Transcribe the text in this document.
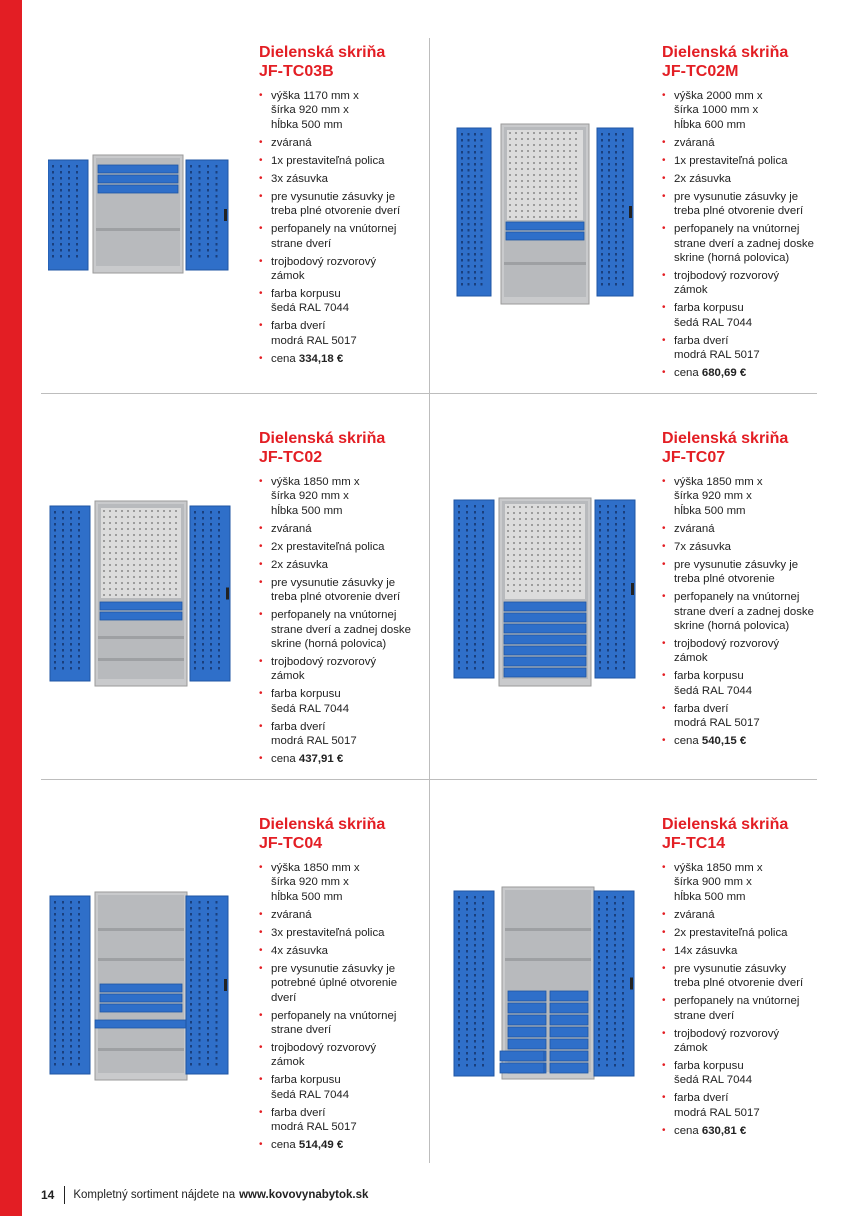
Dielenská skriňa
JF-TC03B
• výška 1170 mm x
šírka 920 mm x
hĺbka 500 mm
• zváraná
• 1x prestaviteľná polica
• 3x zásuvka
• pre vysunutie zásuvky je
treba plné otvorenie dverí
• perfopanely na vnútornej
strane dverí
• trojbodový rozvorový
zámok
• farba korpusu
šedá RAL 7044
• farba dverí
modrá RAL 5017
• cena 334,18 €
Dielenská skriňa
JF-TC02M
• výška 2000 mm x
šírka 1000 mm x
hĺbka 600 mm
• zváraná
• 1x prestaviteľná polica
• 2x zásuvka
• pre vysunutie zásuvky je
treba plné otvorenie dverí
• perfopanely na vnútornej
strane dverí a zadnej doske
skrine (horná polovica)
• trojbodový rozvorový
zámok
• farba korpusu
šedá RAL 7044
• farba dverí
modrá RAL 5017
• cena 680,69 €
Dielenská skriňa
JF-TC02
• výška 1850 mm x
šírka 920 mm x
hĺbka 500 mm
• zváraná
• 2x prestaviteľná polica
• 2x zásuvka
• pre vysunutie zásuvky je
treba plné otvorenie dverí
• perfopanely na vnútornej
strane dverí a zadnej doske
skrine (horná polovica)
• trojbodový rozvorový
zámok
• farba korpusu
šedá RAL 7044
• farba dverí
modrá RAL 5017
• cena 437,91 €
Dielenská skriňa
JF-TC07
• výška 1850 mm x
šírka 920 mm x
hĺbka 500 mm
• zváraná
• 7x zásuvka
• pre vysunutie zásuvky je
treba plné otvorenie
• perfopanely na vnútornej
strane dverí a zadnej doske
skrine (horná polovica)
• trojbodový rozvorový
zámok
• farba korpusu
šedá RAL 7044
• farba dverí
modrá RAL 5017
• cena 540,15 €
Dielenská skriňa
JF-TC04
• výška 1850 mm x
šírka 920 mm x
hĺbka 500 mm
• zváraná
• 3x prestaviteľná polica
• 4x zásuvka
• pre vysunutie zásuvky je
potrebné úplné otvorenie
dverí
• perfopanely na vnútornej
strane dverí
• trojbodový rozvorový
zámok
• farba korpusu
šedá RAL 7044
• farba dverí
modrá RAL 5017
• cena 514,49 €
Dielenská skriňa
JF-TC14
• výška 1850 mm x
šírka 900 mm x
hĺbka 500 mm
• zváraná
• 2x prestaviteľná polica
• 14x zásuvka
• pre vysunutie zásuvky
treba plné otvorenie dverí
• perfopanely na vnútornej
strane dverí
• trojbodový rozvorový
zámok
• farba korpusu
šedá RAL 7044
• farba dverí
modrá RAL 5017
• cena 630,81 €
14 Kompletný sortiment nájdete na www.kovovynabytok.sk
